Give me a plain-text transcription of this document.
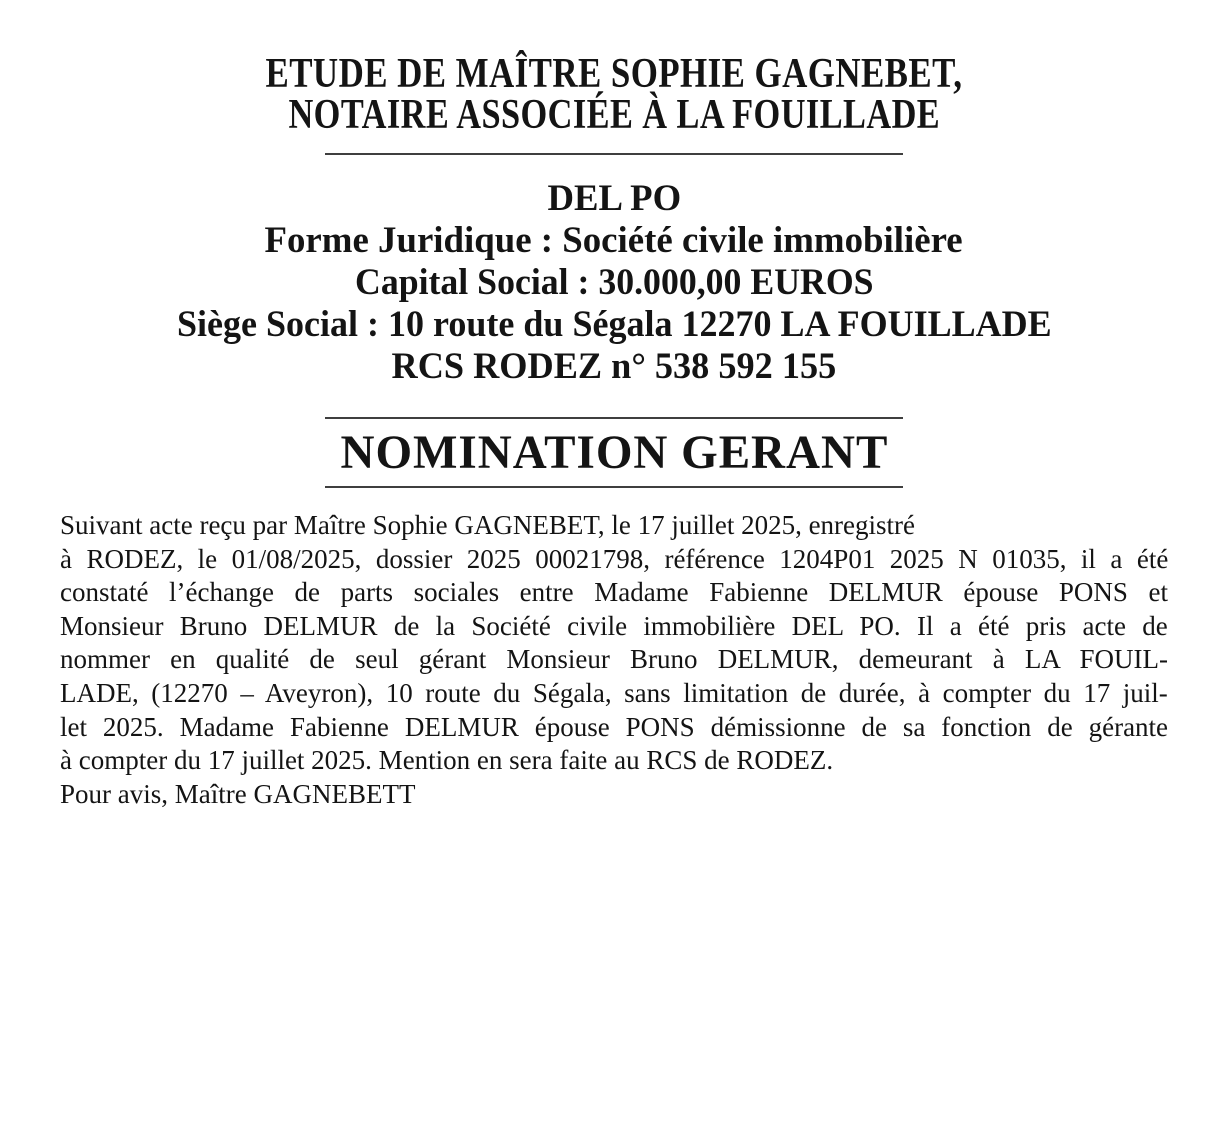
ETUDE DE MAÎTRE SOPHIE GAGNEBET,
NOTAIRE ASSOCIÉE À LA FOUILLADE
DEL PO
Forme Juridique : Société civile immobilière
Capital Social : 30.000,00 EUROS
Siège Social : 10 route du Ségala 12270 LA FOUILLADE
RCS RODEZ n° 538 592 155
NOMINATION GERANT
Suivant acte reçu par Maître Sophie GAGNEBET, le 17 juillet 2025, enregistré
à RODEZ, le 01/08/2025, dossier 2025 00021798, référence 1204P01 2025 N 01035, il a été
constaté l’échange de parts sociales entre Madame Fabienne DELMUR épouse PONS et
Monsieur Bruno DELMUR de la Société civile immobilière DEL PO. Il a été pris acte de
nommer en qualité de seul gérant Monsieur Bruno DELMUR, demeurant à LA FOUIL-
LADE, (12270 – Aveyron), 10 route du Ségala, sans limitation de durée, à compter du 17 juil-
let 2025. Madame Fabienne DELMUR épouse PONS démissionne de sa fonction de gérante
à compter du 17 juillet 2025. Mention en sera faite au RCS de RODEZ.
Pour avis, Maître GAGNEBETT
